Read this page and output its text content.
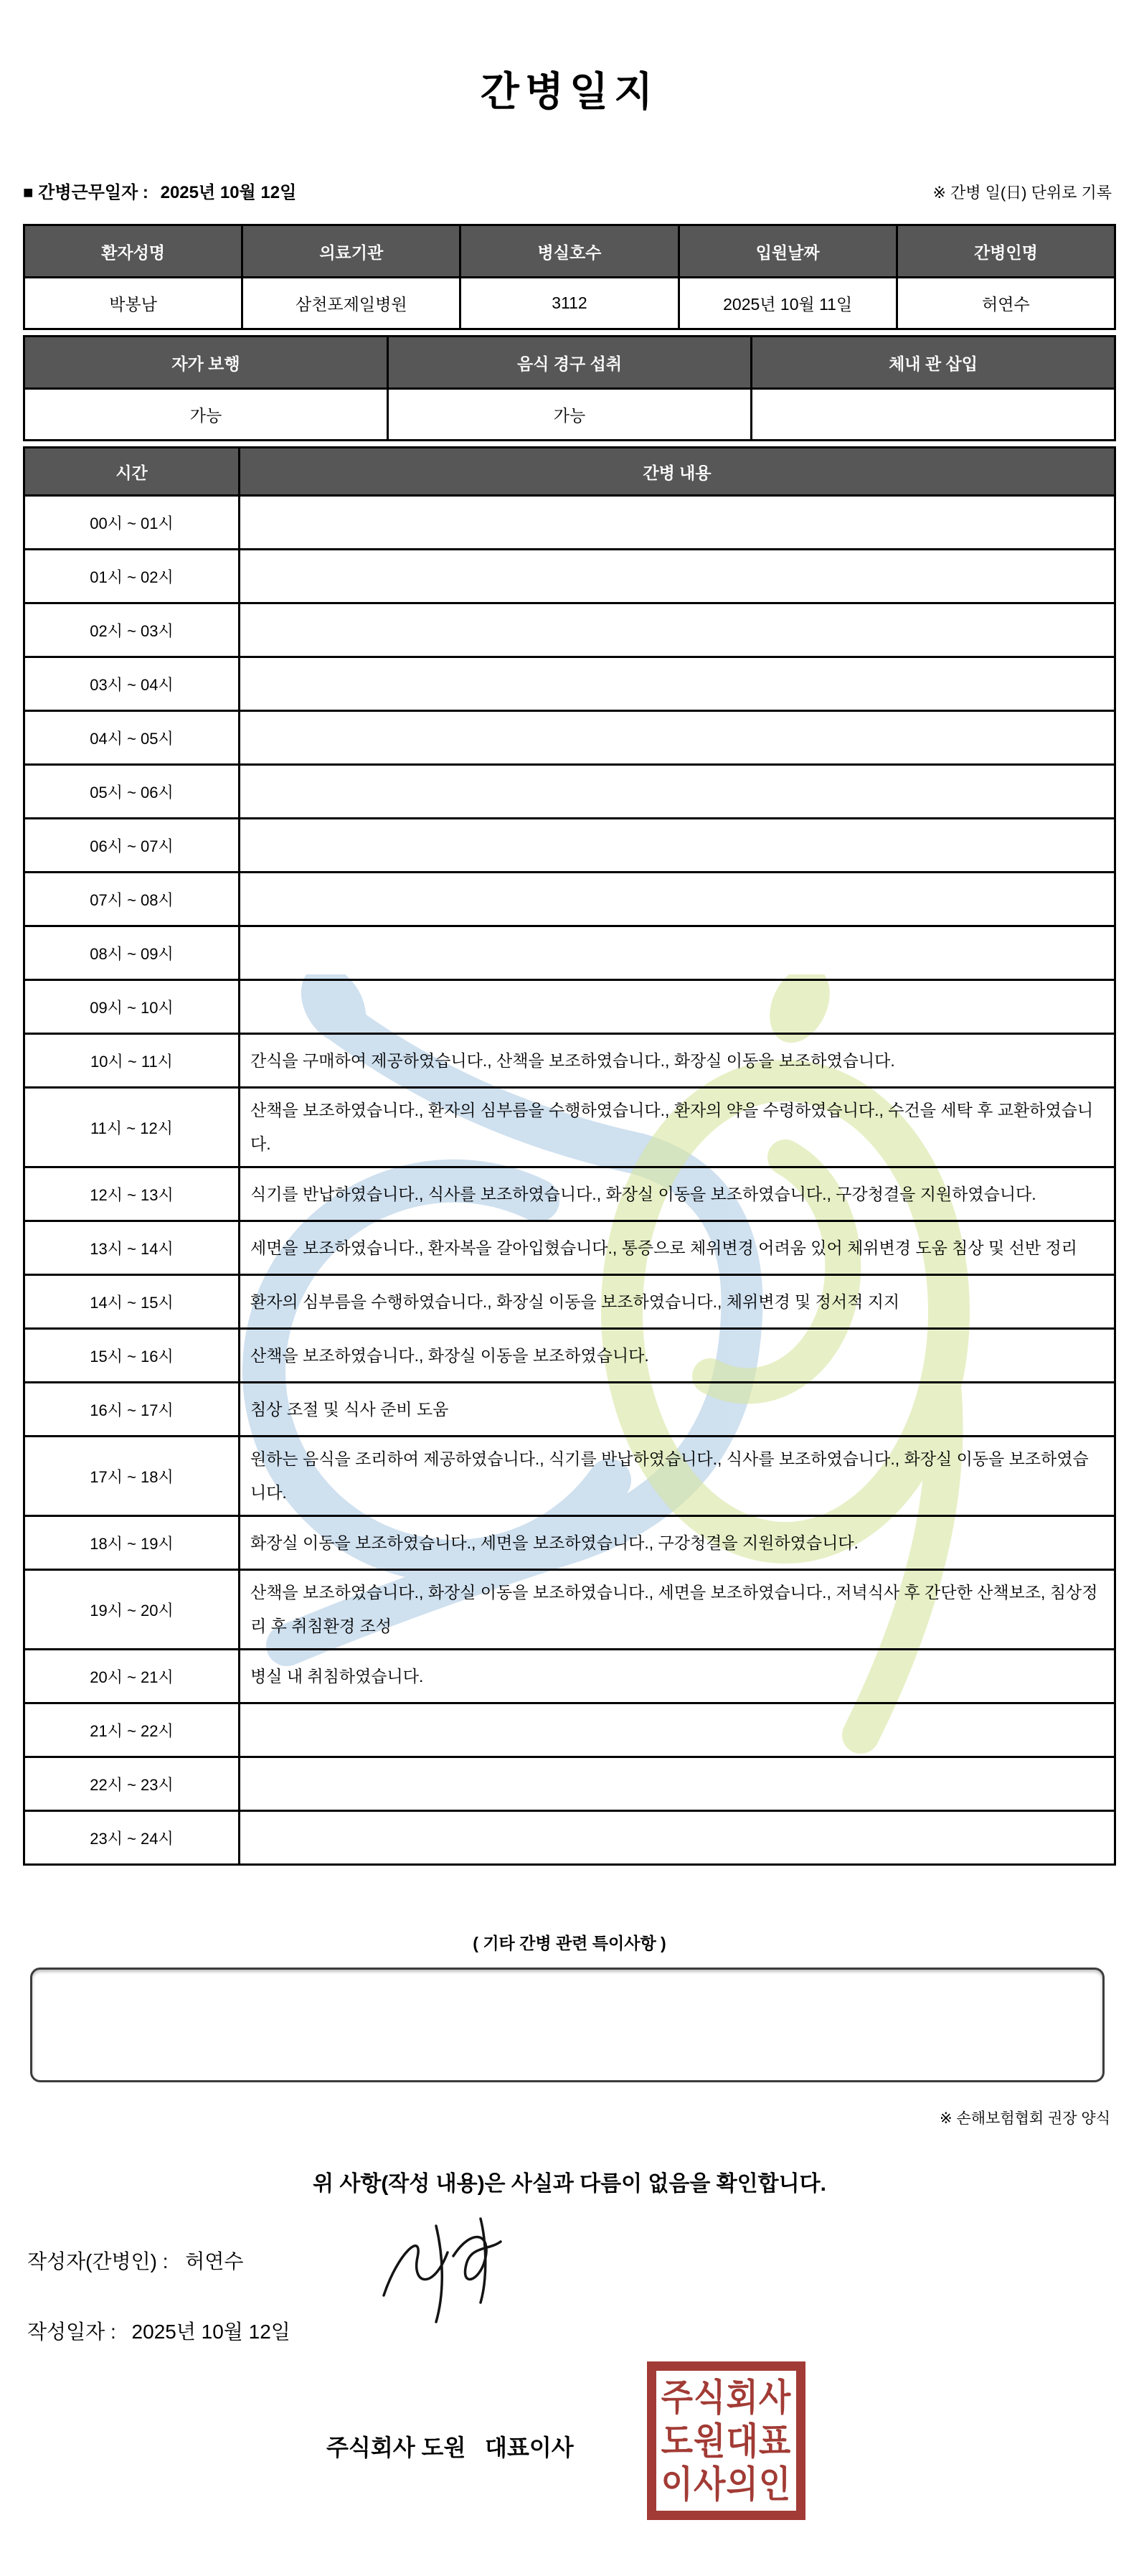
간병일지
■ 간병근무일자 : 2025년 10월 12일	※ 간병 일(日) 단위로 기록
환자성명	의료기관	병실호수	입원날짜	간병인명
박봉남	삼천포제일병원	3112	2025년 10월 11일	허연수
자가 보행	음식 경구 섭취	체내 관 삽입
가능	가능	
시간	간병 내용
00시 ~ 01시	
01시 ~ 02시	
02시 ~ 03시	
03시 ~ 04시	
04시 ~ 05시	
05시 ~ 06시	
06시 ~ 07시	
07시 ~ 08시	
08시 ~ 09시	
09시 ~ 10시	
10시 ~ 11시	간식을 구매하여 제공하였습니다., 산책을 보조하였습니다., 화장실 이동을 보조하였습니다.
11시 ~ 12시	산책을 보조하였습니다., 환자의 심부름을 수행하였습니다., 환자의 약을 수령하였습니다., 수건을 세탁 후 교환하였습니다.
12시 ~ 13시	식기를 반납하였습니다., 식사를 보조하였습니다., 화장실 이동을 보조하였습니다., 구강청결을 지원하였습니다.
13시 ~ 14시	세면을 보조하였습니다., 환자복을 갈아입혔습니다., 통증으로 체위변경 어려움 있어 체위변경 도움 침상 및 선반 정리
14시 ~ 15시	환자의 심부름을 수행하였습니다., 화장실 이동을 보조하였습니다., 체위변경 및 정서적 지지
15시 ~ 16시	산책을 보조하였습니다., 화장실 이동을 보조하였습니다.
16시 ~ 17시	침상 조절 및 식사 준비 도움
17시 ~ 18시	원하는 음식을 조리하여 제공하였습니다., 식기를 반납하였습니다., 식사를 보조하였습니다., 화장실 이동을 보조하였습니다.
18시 ~ 19시	화장실 이동을 보조하였습니다., 세면을 보조하였습니다., 구강청결을 지원하였습니다.
19시 ~ 20시	산책을 보조하였습니다., 화장실 이동을 보조하였습니다., 세면을 보조하였습니다., 저녁식사 후 간단한 산책보조, 침상정리 후 취침환경 조성
20시 ~ 21시	병실 내 취침하였습니다.
21시 ~ 22시	
22시 ~ 23시	
23시 ~ 24시	
( 기타 간병 관련 특이사항 )
※ 손해보험협회 권장 양식
위 사항(작성 내용)은 사실과 다름이 없음을 확인합니다.
작성자(간병인) : 허연수
작성일자 : 2025년 10월 12일
주식회사 도원   대표이사
주식회사
도원대표
이사의인
